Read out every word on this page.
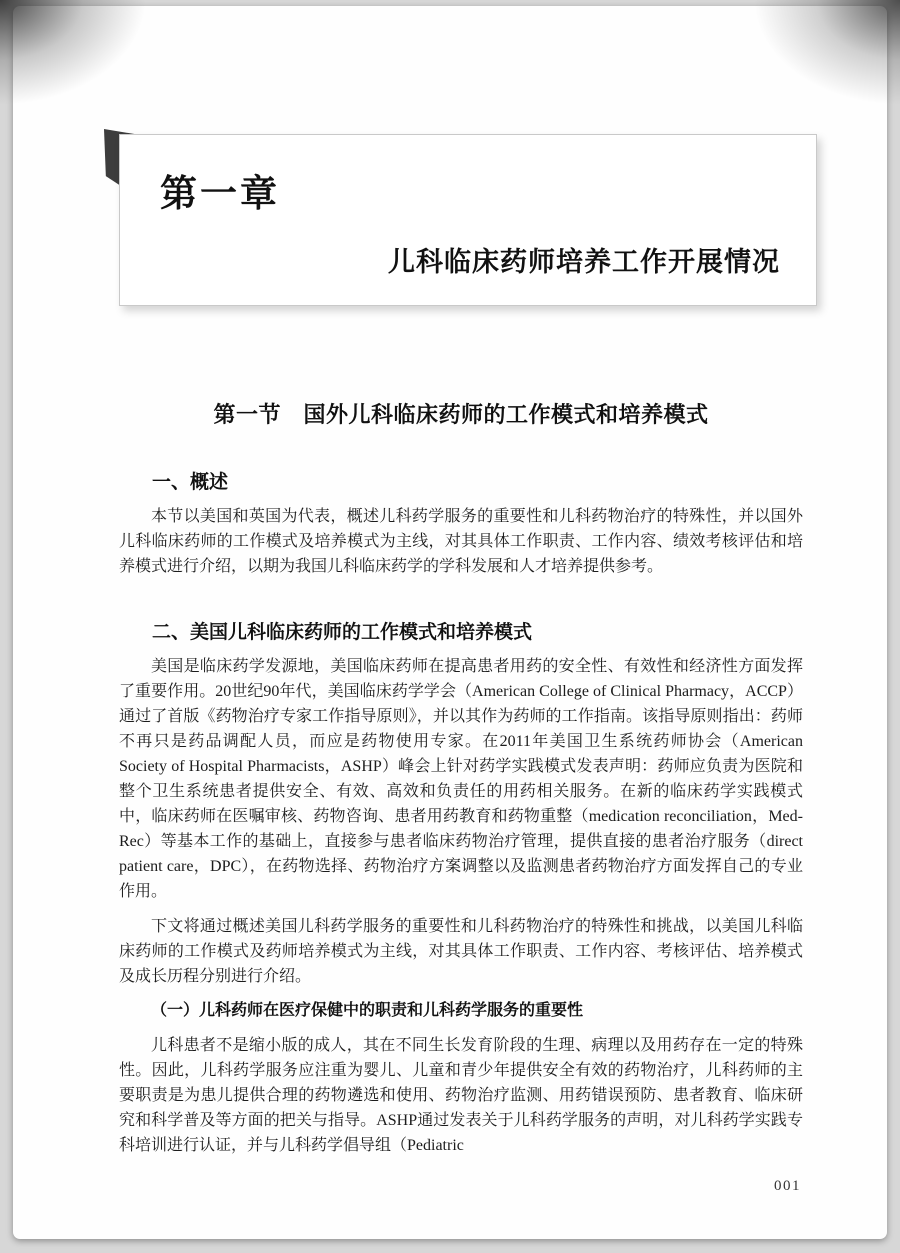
第一章
儿科临床药师培养工作开展情况
第一节　国外儿科临床药师的工作模式和培养模式
一、概述

本节以美国和英国为代表，概述儿科药学服务的重要性和儿科药物治疗的特殊性，并以国外儿科临床药师的工作模式及培养模式为主线，对其具体工作职责、工作内容、绩效考核评估和培养模式进行介绍，以期为我国儿科临床药学的学科发展和人才培养提供参考。

二、美国儿科临床药师的工作模式和培养模式

美国是临床药学发源地，美国临床药师在提高患者用药的安全性、有效性和经济性方面发挥了重要作用。20世纪90年代，美国临床药学学会（American College of Clinical Pharmacy，ACCP）通过了首版《药物治疗专家工作指导原则》，并以其作为药师的工作指南。该指导原则指出：药师不再只是药品调配人员，而应是药物使用专家。在2011年美国卫生系统药师协会（American Society of Hospital Pharmacists，ASHP）峰会上针对药学实践模式发表声明：药师应负责为医院和整个卫生系统患者提供安全、有效、高效和负责任的用药相关服务。在新的临床药学实践模式中，临床药师在医嘱审核、药物咨询、患者用药教育和药物重整（medication reconciliation，Med-Rec）等基本工作的基础上，直接参与患者临床药物治疗管理，提供直接的患者治疗服务（direct patient care，DPC），在药物选择、药物治疗方案调整以及监测患者药物治疗方面发挥自己的专业作用。

下文将通过概述美国儿科药学服务的重要性和儿科药物治疗的特殊性和挑战，以美国儿科临床药师的工作模式及药师培养模式为主线，对其具体工作职责、工作内容、考核评估、培养模式及成长历程分别进行介绍。

（一）儿科药师在医疗保健中的职责和儿科药学服务的重要性

儿科患者不是缩小版的成人，其在不同生长发育阶段的生理、病理以及用药存在一定的特殊性。因此，儿科药学服务应注重为婴儿、儿童和青少年提供安全有效的药物治疗，儿科药师的主要职责是为患儿提供合理的药物遴选和使用、药物治疗监测、用药错误预防、患者教育、临床研究和科学普及等方面的把关与指导。ASHP通过发表关于儿科药学服务的声明，对儿科药学实践专科培训进行认证，并与儿科药学倡导组（Pediatric

001
